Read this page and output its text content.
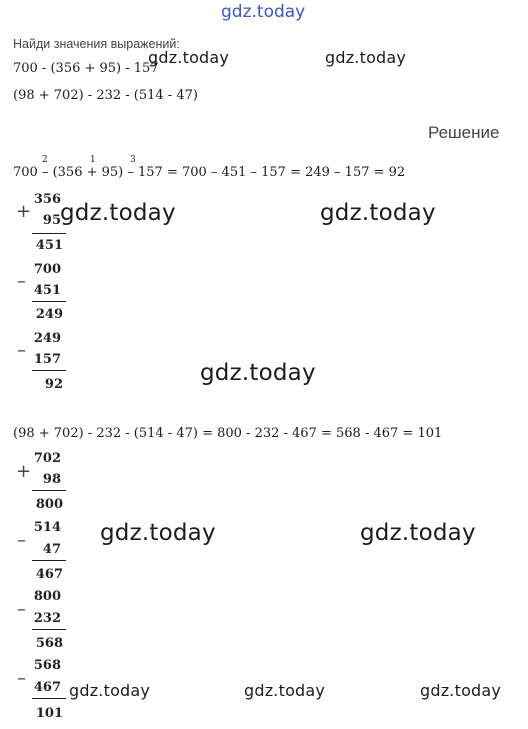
gdz.today
Найди значения выражений:
700 - (356 + 95) - 157
(98 + 702) - 232 - (514 - 47)
gdz.today	gdz.today
Решение
2	1	3
700 – (356 + 95) – 157 = 700 – 451 – 157 = 249 – 157 = 92
+
356
95
451
gdz.today	gdz.today
–
700
451
249
–
249
157
92	gdz.today
(98 + 702) - 232 - (514 - 47) = 800 - 232 - 467 = 568 - 467 = 101
+
702
98
800
–
514
47
467
gdz.today	gdz.today
–
800
232
568
–
568
467
101
gdz.today	gdz.today	gdz.today
